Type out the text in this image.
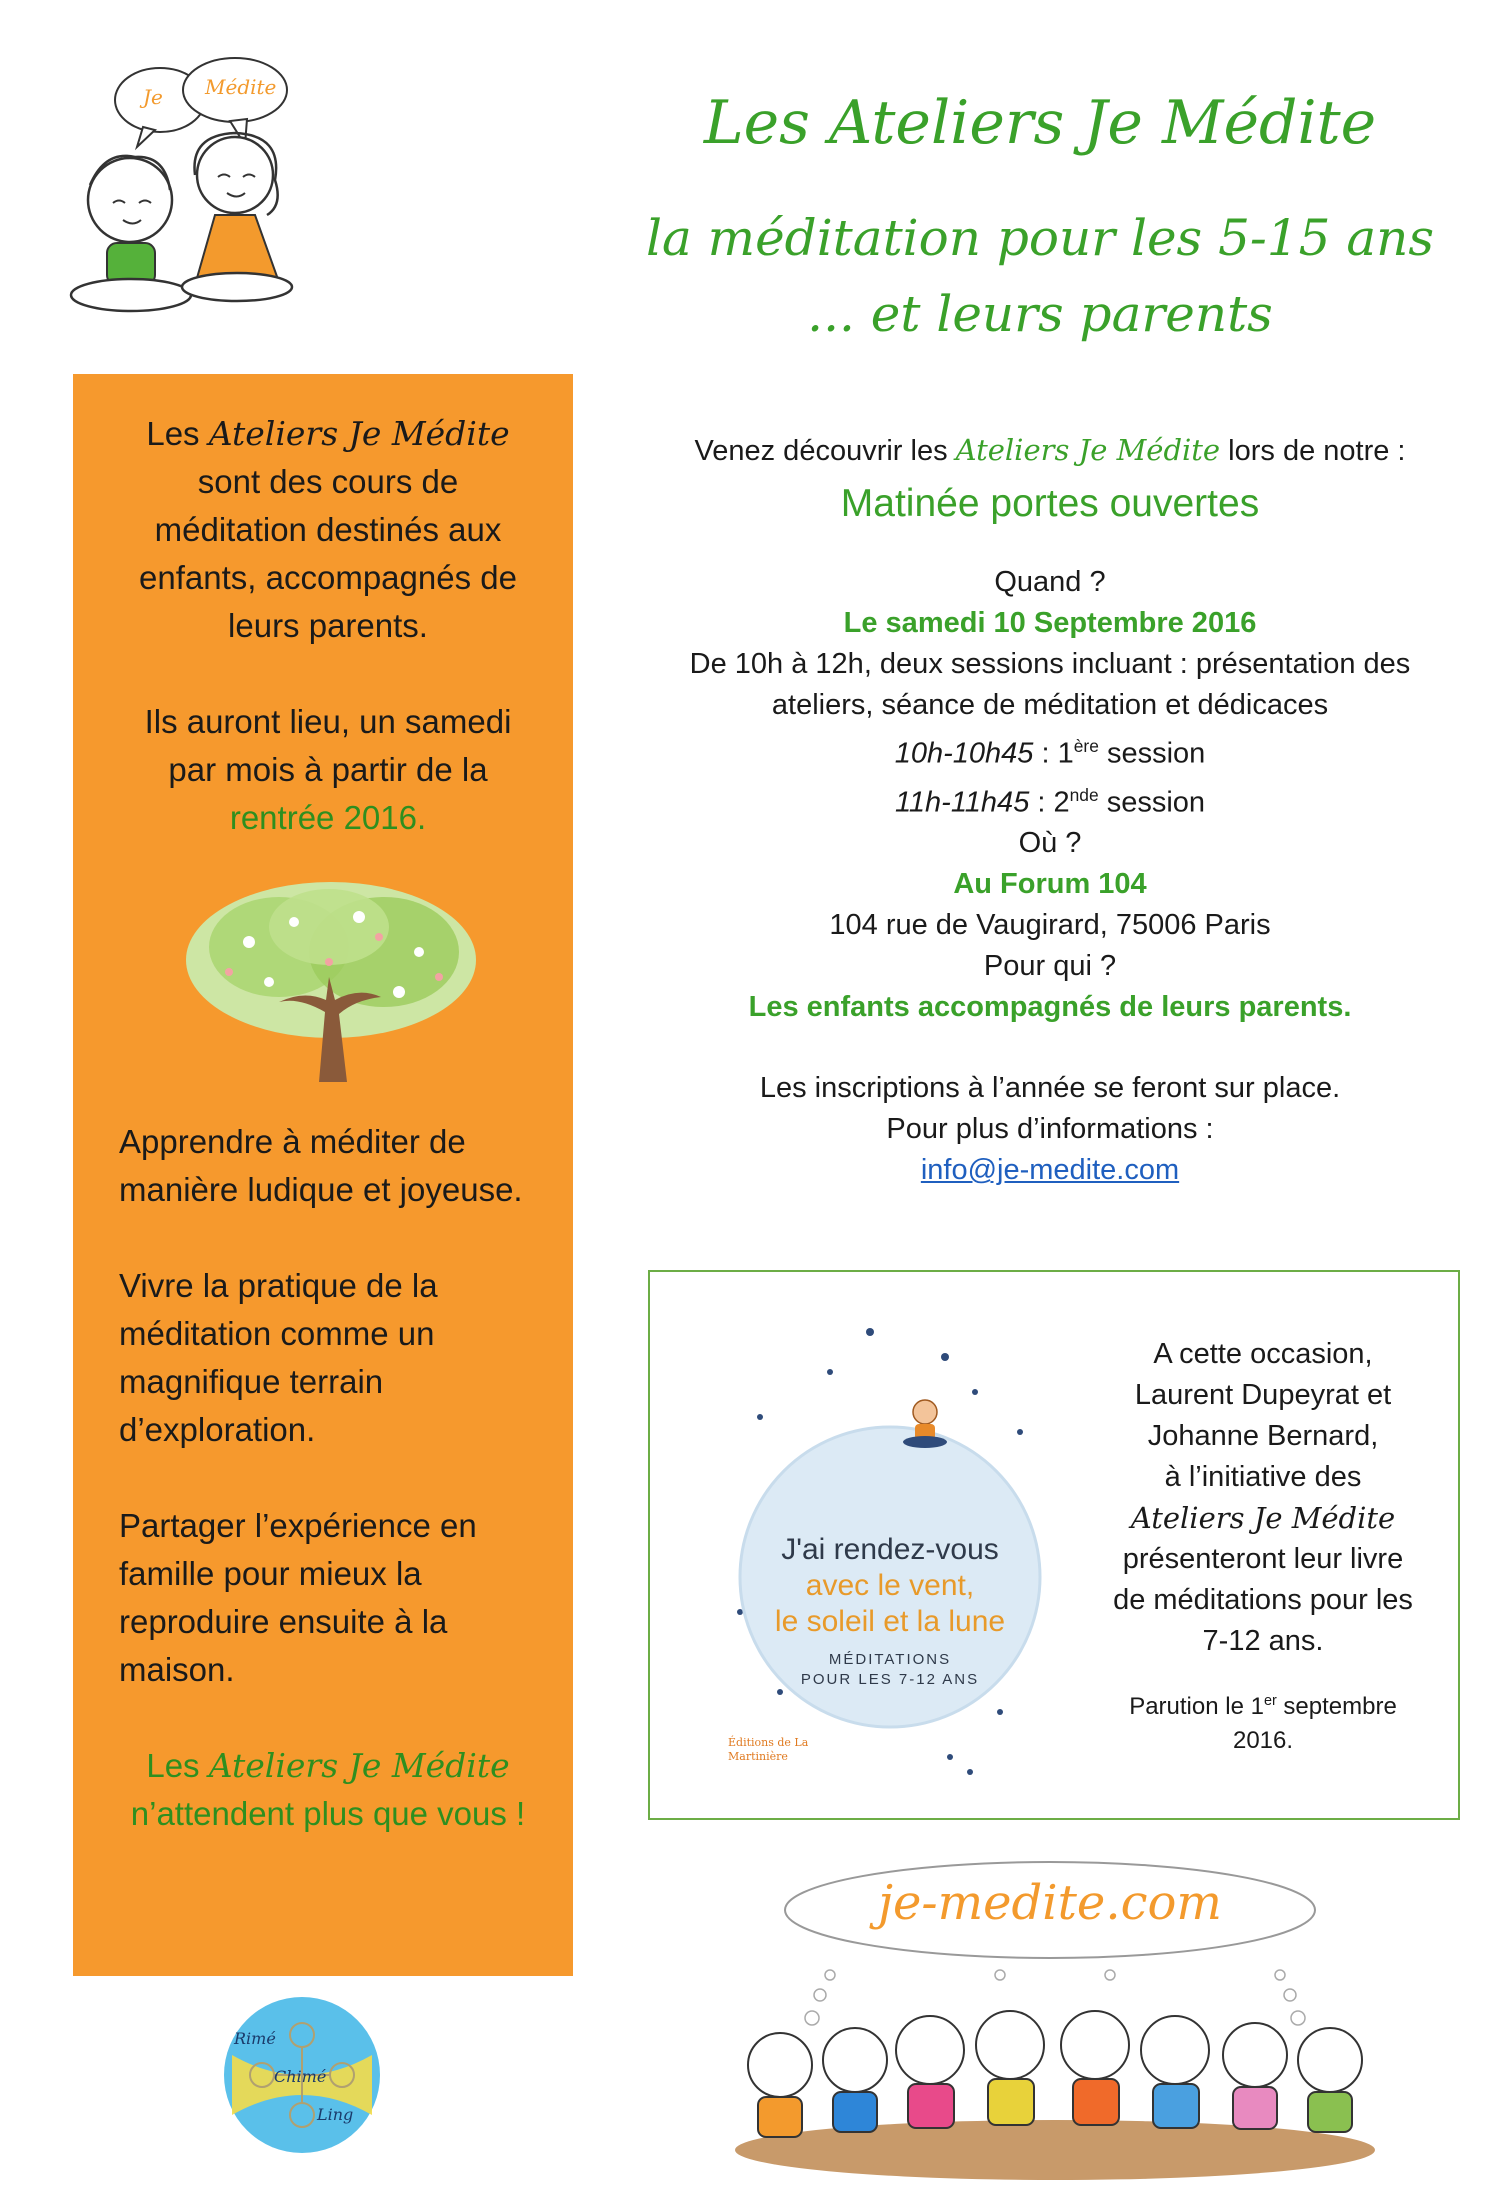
Je Médite
Les Ateliers Je Médite
la méditation pour les 5-15 ans
... et leurs parents
Les Ateliers Je Médite sont des cours de méditation destinés aux enfants, accompagnés de leurs parents.
Ils auront lieu, un samedi par mois à partir de la rentrée 2016.
Apprendre à méditer de manière ludique et joyeuse.
Vivre la pratique de la méditation comme un magnifique terrain d’exploration.
Partager l’expérience en famille pour mieux la reproduire ensuite à la maison.
Les Ateliers Je Médite n’attendent plus que vous !
Venez découvrir les Ateliers Je Médite lors de notre :
Matinée portes ouvertes
Quand ?
Le samedi 10 Septembre 2016
De 10h à 12h, deux sessions incluant : présentation des ateliers, séance de méditation et dédicaces
10h-10h45 : 1ère session
11h-11h45 : 2nde session
Où ?
Au Forum 104
104 rue de Vaugirard, 75006 Paris
Pour qui ?
Les enfants accompagnés de leurs parents.
Les inscriptions à l’année se feront sur place.
Pour plus d’informations :
info@je-medite.com
J'ai rendez-vous
avec le vent,
le soleil et la lune
MÉDITATIONS
POUR LES 7-12 ANS
Éditions de La Martinière
A cette occasion,
Laurent Dupeyrat et Johanne Bernard,
à l’initiative des
Ateliers Je Médite
présenteront leur livre de méditations pour les 7-12 ans.
Parution le 1er septembre 2016.
je-medite.com
Rimé
Chimé
Ling
